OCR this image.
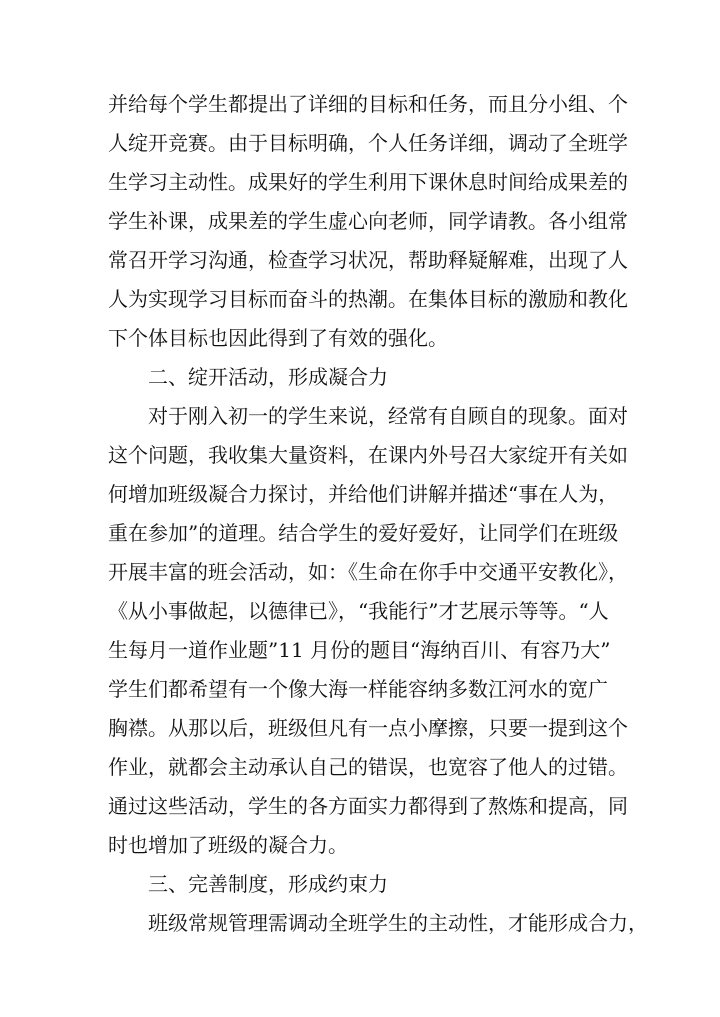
并给每个学生都提出了详细的目标和任务，而且分小组、个
人绽开竞赛。由于目标明确，个人任务详细，调动了全班学
生学习主动性。成果好的学生利用下课休息时间给成果差的
学生补课，成果差的学生虚心向老师，同学请教。各小组常
常召开学习沟通，检查学习状况，帮助释疑解难，出现了人
人为实现学习目标而奋斗的热潮。在集体目标的激励和教化
下个体目标也因此得到了有效的强化。
二、绽开活动，形成凝合力
对于刚入初一的学生来说，经常有自顾自的现象。面对
这个问题，我收集大量资料，在课内外号召大家绽开有关如
何增加班级凝合力探讨，并给他们讲解并描述“事在人为，
重在参加”的道理。结合学生的爱好爱好，让同学们在班级
开展丰富的班会活动，如：《生命在你手中交通平安教化》，
《从小事做起，以德律已》，“我能行”才艺展示等等。“人
生每月一道作业题”11 月份的题目“海纳百川、有容乃大”
学生们都希望有一个像大海一样能容纳多数江河水的宽广
胸襟。从那以后，班级但凡有一点小摩擦，只要一提到这个
作业，就都会主动承认自己的错误，也宽容了他人的过错。
通过这些活动，学生的各方面实力都得到了熬炼和提高，同
时也增加了班级的凝合力。
三、完善制度，形成约束力
班级常规管理需调动全班学生的主动性，才能形成合力，
